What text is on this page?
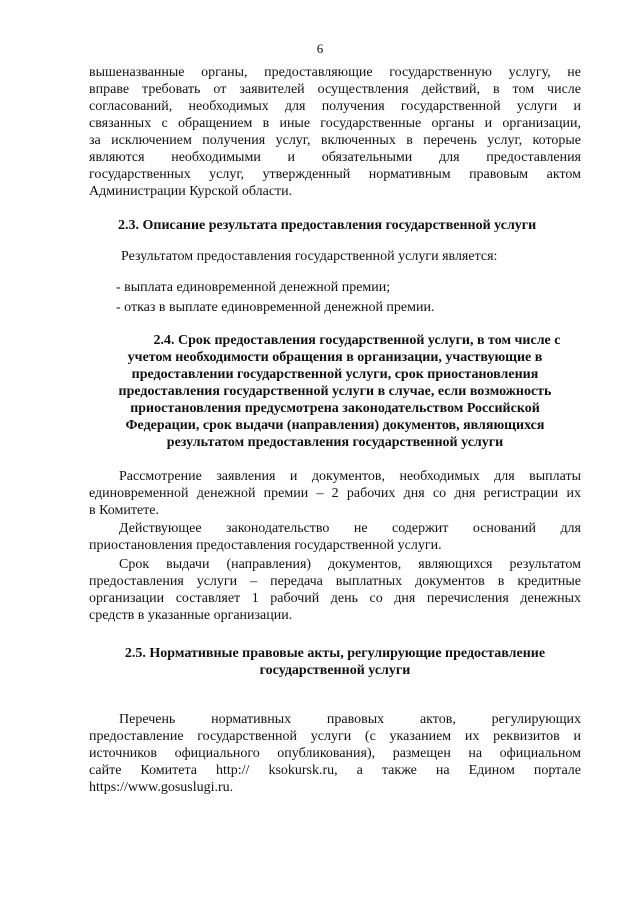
6
вышеназванные органы, предоставляющие государственную услугу, не
вправе требовать от заявителей осуществления действий, в том числе
согласований, необходимых для получения государственной услуги и
связанных с обращением в иные государственные органы и организации,
за исключением получения услуг, включенных в перечень услуг, которые
являются необходимыми и обязательными для предоставления
государственных услуг, утвержденный нормативным правовым актом
Администрации Курской области.
2.3. Описание результата предоставления государственной услуги
Результатом предоставления государственной услуги является:
- выплата единовременной денежной премии;
- отказ в выплате единовременной денежной премии.
2.4. Срок предоставления государственной услуги, в том числе с
учетом необходимости обращения в организации, участвующие в
предоставлении государственной услуги, срок приостановления
предоставления государственной услуги в случае, если возможность
приостановления предусмотрена законодательством Российской
Федерации, срок выдачи (направления) документов, являющихся
результатом предоставления государственной услуги
Рассмотрение заявления и документов, необходимых для выплаты
единовременной денежной премии – 2 рабочих дня со дня регистрации их
в Комитете.
Действующее законодательство не содержит оснований для
приостановления предоставления государственной услуги.
Срок выдачи (направления) документов, являющихся результатом
предоставления услуги – передача выплатных документов в кредитные
организации составляет 1 рабочий день со дня перечисления денежных
средств в указанные организации.
2.5. Нормативные правовые акты, регулирующие предоставление
государственной услуги
Перечень нормативных правовых актов, регулирующих
предоставление государственной услуги (с указанием их реквизитов и
источников официального опубликования), размещен на официальном
сайте Комитета http:// ksokursk.ru, а также на Едином портале
https://www.gosuslugi.ru.
